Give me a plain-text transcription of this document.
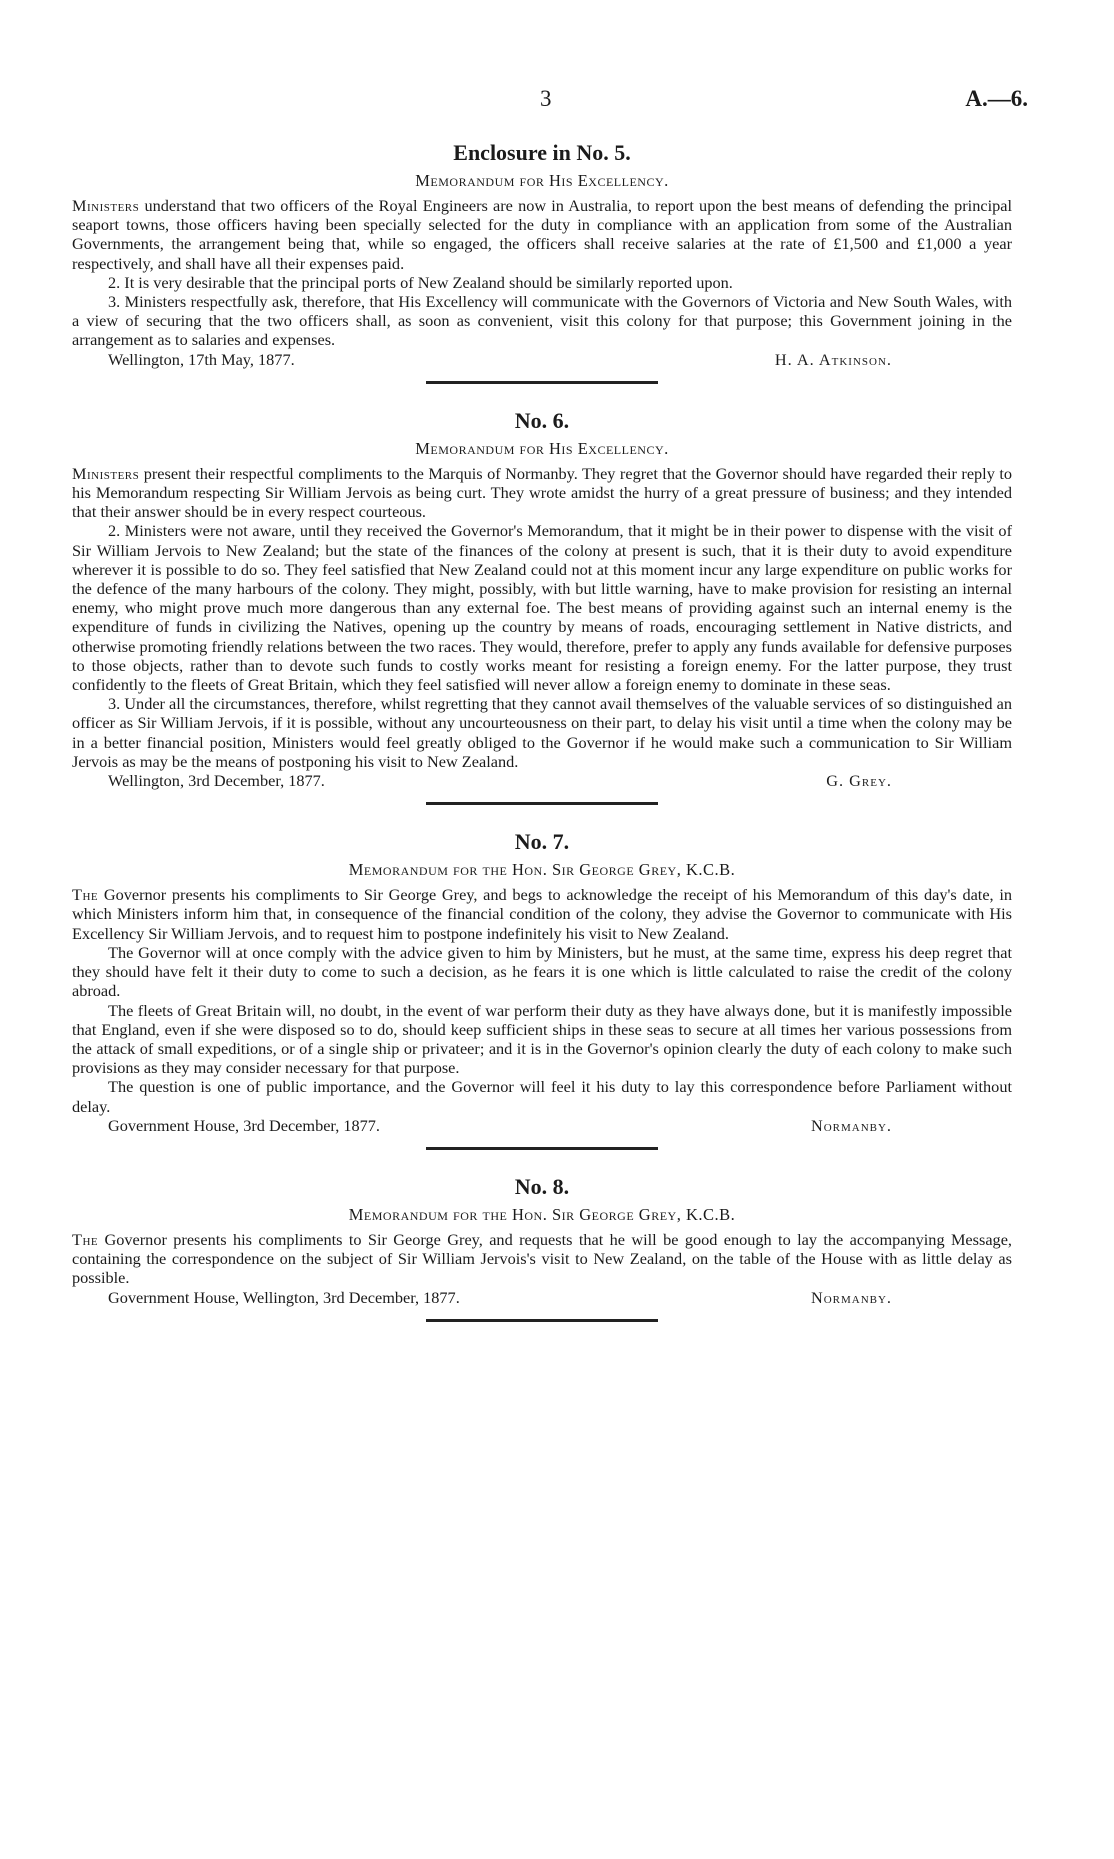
3	A.—6.
Enclosure in No. 5.
Memorandum for His Excellency.

Ministers understand that two officers of the Royal Engineers are now in Australia, to report upon the best means of defending the principal seaport towns, those officers having been specially selected for the duty in compliance with an application from some of the Australian Governments, the arrangement being that, while so engaged, the officers shall receive salaries at the rate of £1,500 and £1,000 a year respectively, and shall have all their expenses paid.

2. It is very desirable that the principal ports of New Zealand should be similarly reported upon.

3. Ministers respectfully ask, therefore, that His Excellency will communicate with the Governors of Victoria and New South Wales, with a view of securing that the two officers shall, as soon as convenient, visit this colony for that purpose; this Government joining in the arrangement as to salaries and expenses.

Wellington, 17th May, 1877.	H. A. Atkinson.
No. 6.
Memorandum for His Excellency.

Ministers present their respectful compliments to the Marquis of Normanby. They regret that the Governor should have regarded their reply to his Memorandum respecting Sir William Jervois as being curt. They wrote amidst the hurry of a great pressure of business; and they intended that their answer should be in every respect courteous.

2. Ministers were not aware, until they received the Governor's Memorandum, that it might be in their power to dispense with the visit of Sir William Jervois to New Zealand; but the state of the finances of the colony at present is such, that it is their duty to avoid expenditure wherever it is possible to do so. They feel satisfied that New Zealand could not at this moment incur any large expenditure on public works for the defence of the many harbours of the colony. They might, possibly, with but little warning, have to make provision for resisting an internal enemy, who might prove much more dangerous than any external foe. The best means of providing against such an internal enemy is the expenditure of funds in civilizing the Natives, opening up the country by means of roads, encouraging settlement in Native districts, and otherwise promoting friendly relations between the two races. They would, therefore, prefer to apply any funds available for defensive purposes to those objects, rather than to devote such funds to costly works meant for resisting a foreign enemy. For the latter purpose, they trust confidently to the fleets of Great Britain, which they feel satisfied will never allow a foreign enemy to dominate in these seas.

3. Under all the circumstances, therefore, whilst regretting that they cannot avail themselves of the valuable services of so distinguished an officer as Sir William Jervois, if it is possible, without any uncourteousness on their part, to delay his visit until a time when the colony may be in a better financial position, Ministers would feel greatly obliged to the Governor if he would make such a communication to Sir William Jervois as may be the means of postponing his visit to New Zealand.

Wellington, 3rd December, 1877.	G. Grey.
No. 7.
Memorandum for the Hon. Sir George Grey, K.C.B.

The Governor presents his compliments to Sir George Grey, and begs to acknowledge the receipt of his Memorandum of this day's date, in which Ministers inform him that, in consequence of the financial condition of the colony, they advise the Governor to communicate with His Excellency Sir William Jervois, and to request him to postpone indefinitely his visit to New Zealand.

The Governor will at once comply with the advice given to him by Ministers, but he must, at the same time, express his deep regret that they should have felt it their duty to come to such a decision, as he fears it is one which is little calculated to raise the credit of the colony abroad.

The fleets of Great Britain will, no doubt, in the event of war perform their duty as they have always done, but it is manifestly impossible that England, even if she were disposed so to do, should keep sufficient ships in these seas to secure at all times her various possessions from the attack of small expeditions, or of a single ship or privateer; and it is in the Governor's opinion clearly the duty of each colony to make such provisions as they may consider necessary for that purpose.

The question is one of public importance, and the Governor will feel it his duty to lay this correspondence before Parliament without delay.

Government House, 3rd December, 1877.	Normanby.
No. 8.
Memorandum for the Hon. Sir George Grey, K.C.B.

The Governor presents his compliments to Sir George Grey, and requests that he will be good enough to lay the accompanying Message, containing the correspondence on the subject of Sir William Jervois's visit to New Zealand, on the table of the House with as little delay as possible.

Government House, Wellington, 3rd December, 1877.	Normanby.
